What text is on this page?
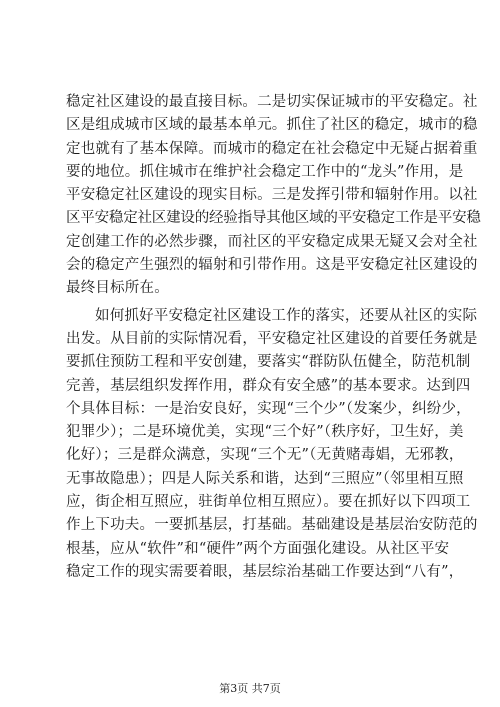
稳定社区建设的最直接目标。二是切实保证城市的平安稳定。社
区是组成城市区域的最基本单元。抓住了社区的稳定，城市的稳
定也就有了基本保障。而城市的稳定在社会稳定中无疑占据着重
要的地位。抓住城市在维护社会稳定工作中的“龙头”作用，是
平安稳定社区建设的现实目标。三是发挥引带和辐射作用。以社
区平安稳定社区建设的经验指导其他区域的平安稳定工作是平安稳
定创建工作的必然步骤，而社区的平安稳定成果无疑又会对全社
会的稳定产生强烈的辐射和引带作用。这是平安稳定社区建设的
最终目标所在。
如何抓好平安稳定社区建设工作的落实，还要从社区的实际
出发。从目前的实际情况看，平安稳定社区建设的首要任务就是
要抓住预防工程和平安创建，要落实“群防队伍健全，防范机制
完善，基层组织发挥作用，群众有安全感”的基本要求。达到四
个具体目标：一是治安良好，实现“三个少”（发案少，纠纷少，
犯罪少）；二是环境优美，实现“三个好”（秩序好，卫生好，美
化好）；三是群众满意，实现“三个无”（无黄赌毒娼，无邪教，
无事故隐患）；四是人际关系和谐，达到“三照应”（邻里相互照
应，街企相互照应，驻街单位相互照应）。要在抓好以下四项工
作上下功夫。一要抓基层，打基础。基础建设是基层治安防范的
根基，应从“软件”和“硬件”两个方面强化建设。从社区平安
稳定工作的现实需要着眼，基层综治基础工作要达到“八有”，
第3页 共7页
